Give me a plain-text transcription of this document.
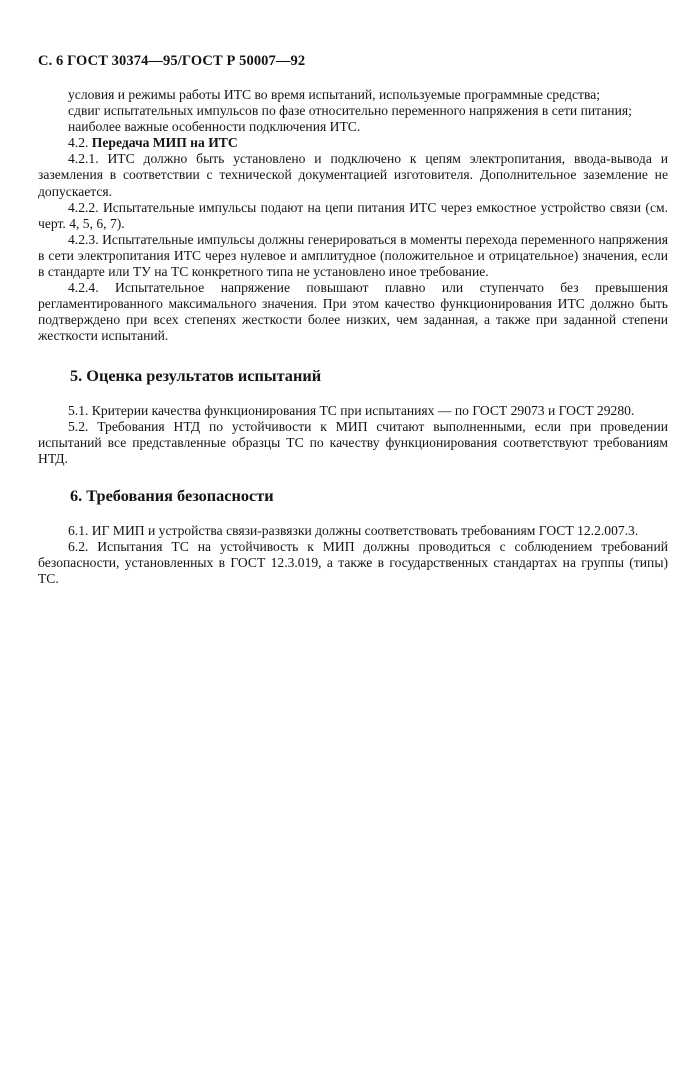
С. 6 ГОСТ 30374—95/ГОСТ Р 50007—92

условия и режимы работы ИТС во время испытаний, используемые программные средства;

сдвиг испытательных импульсов по фазе относительно переменного напряжения в сети питания;

наиболее важные особенности подключения ИТС.

4.2. Передача МИП на ИТС

4.2.1. ИТС должно быть установлено и подключено к цепям электропитания, ввода-вывода и заземления в соответствии с технической документацией изготовителя. Дополнительное заземление не допускается.

4.2.2. Испытательные импульсы подают на цепи питания ИТС через емкостное устройство связи (см. черт. 4, 5, 6, 7).

4.2.3. Испытательные импульсы должны генерироваться в моменты перехода переменного напряжения в сети электропитания ИТС через нулевое и амплитудное (положительное и отрицательное) значения, если в стандарте или ТУ на ТС конкретного типа не установлено иное требование.

4.2.4. Испытательное напряжение повышают плавно или ступенчато без превышения регламентированного максимального значения. При этом качество функционирования ИТС должно быть подтверждено при всех степенях жесткости более низких, чем заданная, а также при заданной степени жесткости испытаний.

5. Оценка результатов испытаний

5.1. Критерии качества функционирования ТС при испытаниях — по ГОСТ 29073 и ГОСТ 29280.

5.2. Требования НТД по устойчивости к МИП считают выполненными, если при проведении испытаний все представленные образцы ТС по качеству функционирования соответствуют требованиям НТД.

6. Требования безопасности

6.1. ИГ МИП и устройства связи-развязки должны соответствовать требованиям ГОСТ 12.2.007.3.

6.2. Испытания ТС на устойчивость к МИП должны проводиться с соблюдением требований безопасности, установленных в ГОСТ 12.3.019, а также в государственных стандартах на группы (типы) ТС.
